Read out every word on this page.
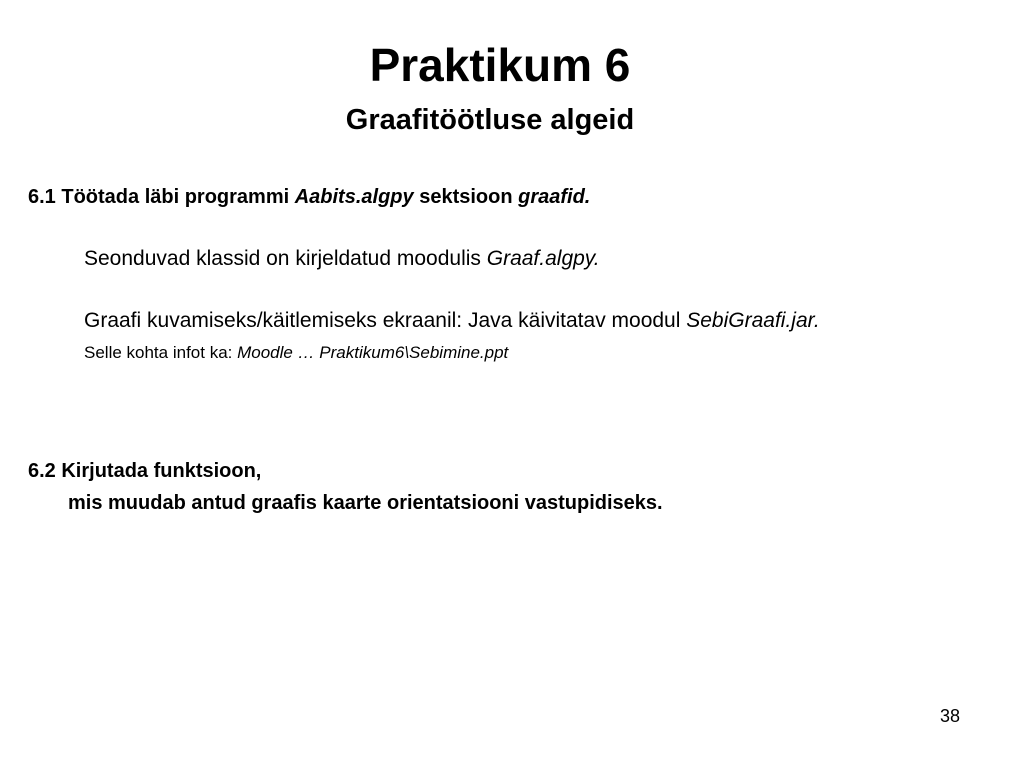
Praktikum 6
Graafitöötluse algeid

6.1 Töötada läbi programmi Aabits.algpy sektsioon graafid.

Seonduvad klassid on kirjeldatud moodulis Graaf.algpy.

Graafi kuvamiseks/käitlemiseks ekraanil: Java käivitatav moodul SebiGraafi.jar.

Selle kohta infot ka: Moodle … Praktikum6\Sebimine.ppt

6.2 Kirjutada funktsioon,

mis muudab antud graafis kaarte orientatsiooni vastupidiseks.

38
